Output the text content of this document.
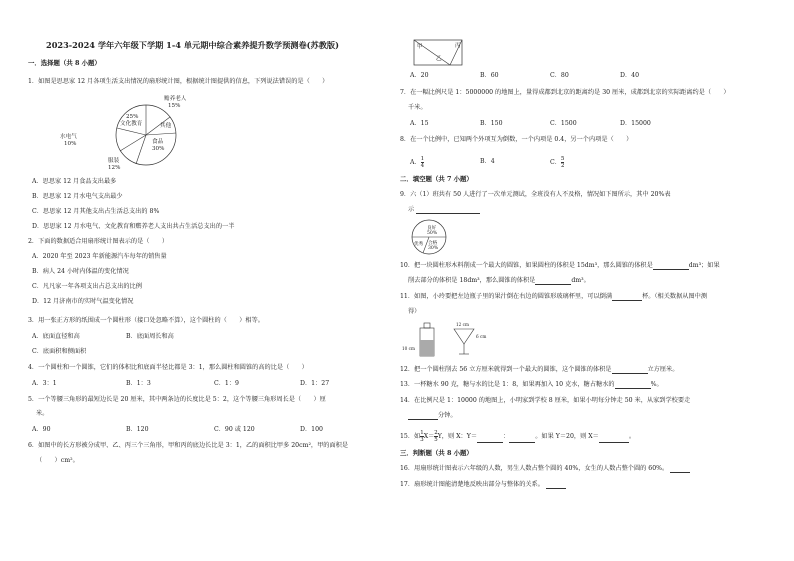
2023-2024 学年六年级下学期 1-4 单元期中综合素养提升数学预测卷(苏教版)
一．选择题（共 8 小题）
1．如图是思思家 12 月各项生活支出情况的扇形统计图，根据统计图提供的信息，下列说法错误的是（　　）
赡养老人
15%
25%
文化教育	其他
食品
30%
服装
12%
水电气
10%
A．思思家 12 月食品支出最多
B．思思家 12 月水电气支出最少
C．思思家 12 月其他支出占生活总支出的 8%
D．思思家 12 月水电气、文化教育和赡养老人支出共占生活总支出的一半
2．下面的数据适合用扇形统计图表示的是（　　）
A．2020 年至 2023 年新能源汽车每年的销售量
B．病人 24 小时内体温的变化情况
C．凡凡家一年各项支出占总支出的比例
D．12 月济南市的实时气温变化情况
3．用一张正方形的纸围成一个圆柱形（接口处忽略不算），这个圆柱的（　　）相等。
A．底面直径和高	B．底面周长和高
C．底面积和侧面积
4．一个圆柱和一个圆锥，它们的体积比和底面半径比都是 3：1，那么圆柱和圆锥的高的比是（　　）
A．3：1	B．1：3	C．1：9	D．1：27
5．一个等腰三角形的最短边长是 20 厘米，其中两条边的长度比是 5：2，这个等腰三角形周长是（　　）厘
米。
A．90	B．120	C．90 或 120	D．100
6．如图中的长方形被分成甲、乙、丙三个三角形，甲和丙的底边长比是 3：1，乙的面积比甲多 20cm²，甲的面积是
（　　）cm²。
甲	丙
乙
A．20	B．60	C．80	D．40
7．在一幅比例尺是 1：5000000 的地图上，量得成都到北京的距离约是 30 厘米，成都到北京的实际距离约是（　　）
千米。
A．15	B．150	C．1500	D．15000
8．在一个比例中，已知两个外项互为倒数，一个内项是 0.4，另一个内项是（　　）
A． $\frac{1}{4}$	B．4	C． $\frac{5}{2}$
二．填空题（共 7 小题）
9．六（1）班共有 50 人进行了一次单元测试，全班没有人不及格，情况如下图所示，其中 20%表
示
良好
50%
优秀 合格
30%
10．把一块圆柱形木料削成一个最大的圆锥，如果圆柱的体积是 15dm³，那么圆锥的体积是	dm³；如果
削去部分的体积是 18dm³，那么圆锥的体积是	dm³。
11．如图，小玲要把左边瓶子里的果汁倒在右边的圆锥形玻璃杯里，可以倒满	杯。（相关数据从图中测
得）
10 cm
12 cm
6 cm
12．把一个圆柱削去 56 立方厘米就得到一个最大的圆锥，这个圆锥的体积是	立方厘米。
13．一杯糖水 90 克，糖与水的比是 1：8，如果再加入 10 克水，糖占糖水的	%。
14．在比例尺是 1：10000 的地图上，小明家到学校 8 厘米，如果小明每分钟走 50 米，从家到学校要走
分钟。
15．如 $\frac{1}{3} X= \frac{2}{5}$ Y，则 X：Y＝	：	。如果 Y＝20，则 X＝	。
三．判断题（共 8 小题）
16．用扇形统计图表示六年级的人数，男生人数占整个圆的 40%，女生的人数占整个圆的 60%。
17．扇形统计图能清楚地反映出部分与整体的关系。
